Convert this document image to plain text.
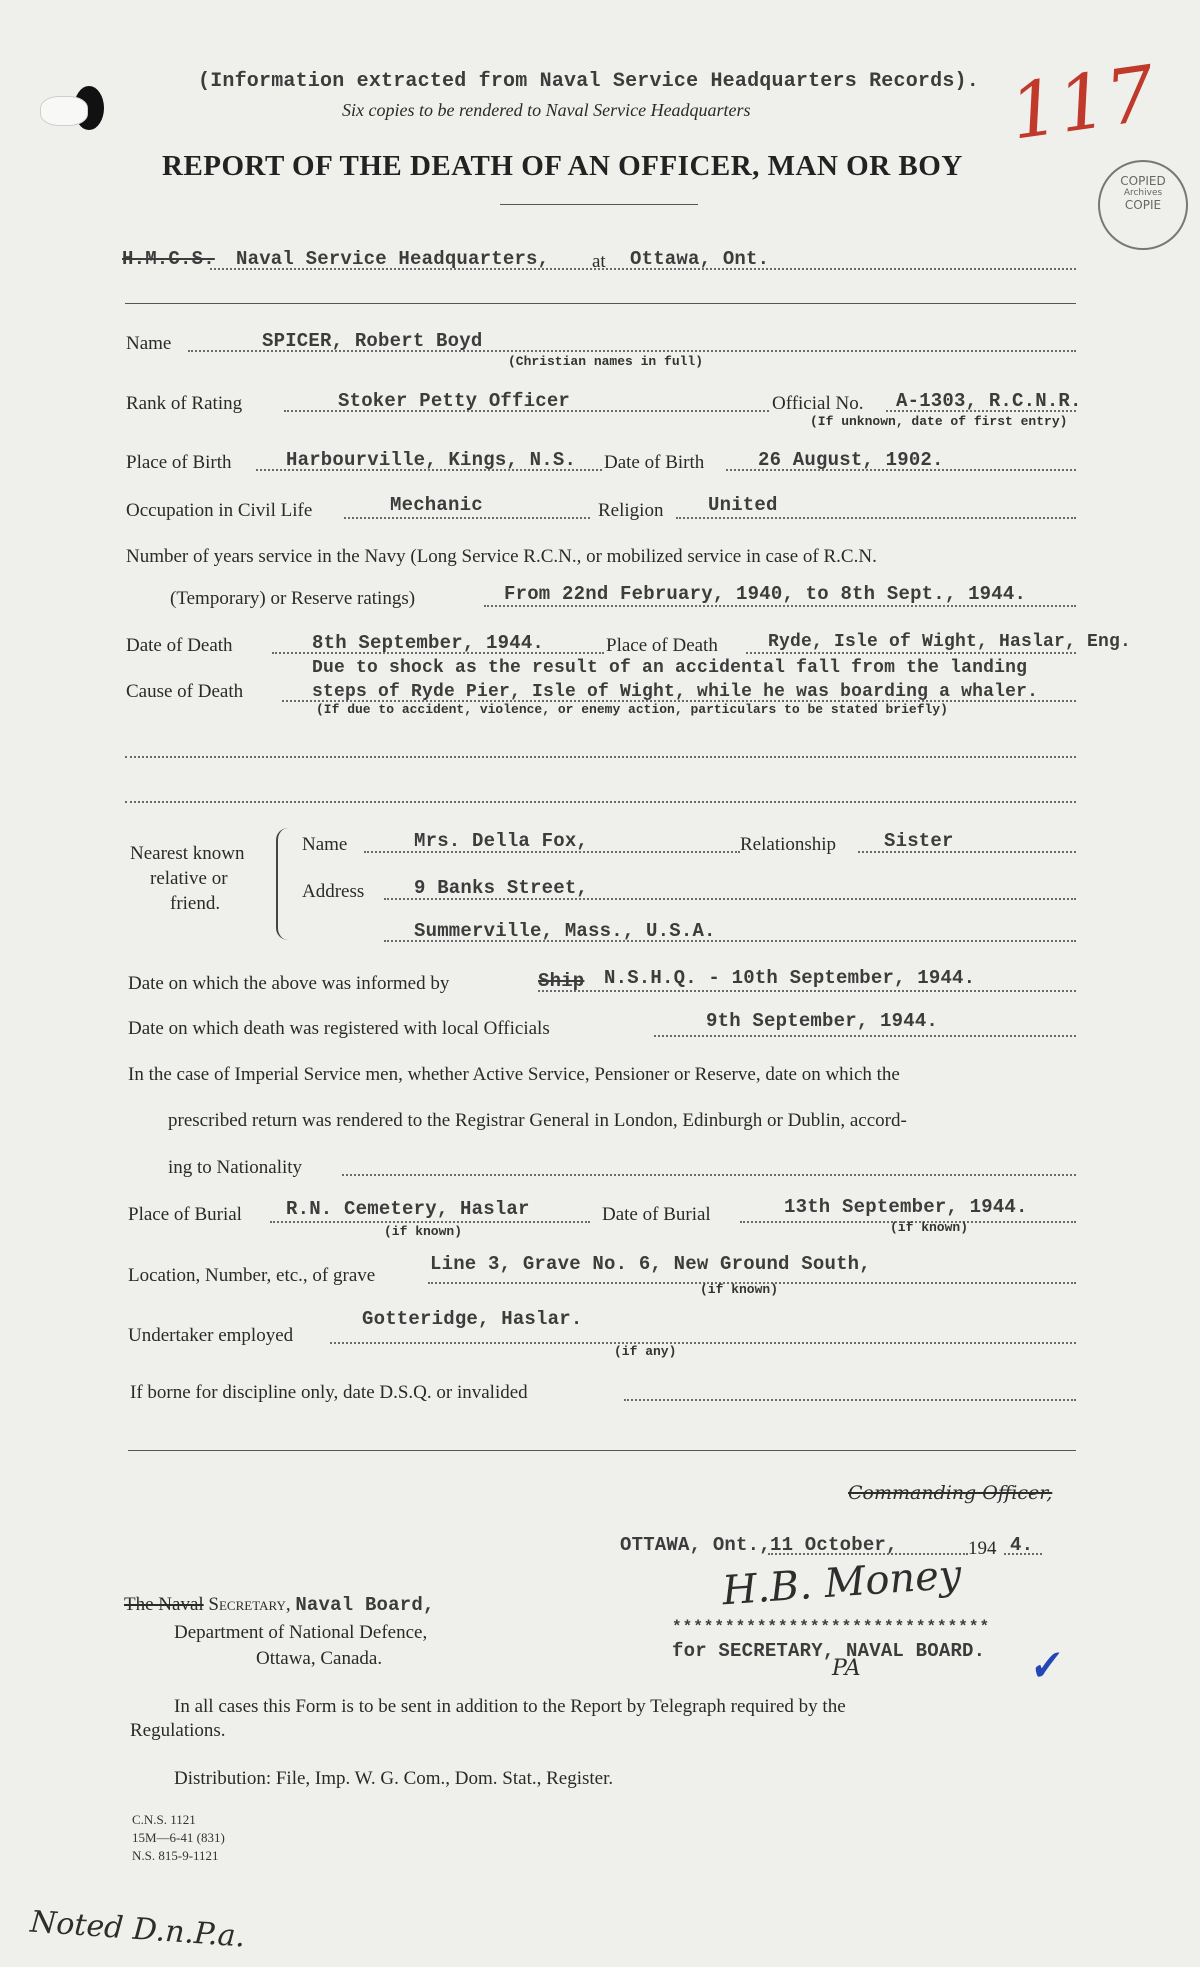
(Information extracted from Naval Service Headquarters Records).
Six copies to be rendered to Naval Service Headquarters
REPORT OF THE DEATH OF AN OFFICER, MAN OR BOY
117
COPIED
Archives
COPIE
H.M.C.S. Naval Service Headquarters, at Ottawa, Ont.
Name	SPICER, Robert Boyd
(Christian names in full)
Rank of Rating	Stoker Petty Officer	Official No. A-1303, R.C.N.R.
(If unknown, date of first entry)
Place of Birth	Harbourville, Kings, N.S. Date of Birth	26 August, 1902.
Occupation in Civil Life	Mechanic	Religion United
Number of years service in the Navy (Long Service R.C.N., or mobilized service in case of R.C.N.
(Temporary) or Reserve ratings)	From 22nd February, 1940, to 8th Sept., 1944.
Date of Death	8th September, 1944.	Place of Death	Ryde, Isle of Wight, Haslar, Eng.
Cause of Death
Due to shock as the result of an accidental fall from the landing
steps of Ryde Pier, Isle of Wight, while he was boarding a whaler.
(If due to accident, violence, or enemy action, particulars to be stated briefly)
Nearest known
relative or
friend.
Name	Mrs. Della Fox,	Relationship	Sister
Address	9 Banks Street,
Summerville, Mass., U.S.A.
Date on which the above was informed by	Ship N.S.H.Q. - 10th September, 1944.
Date on which death was registered with local Officials	9th September, 1944.
In the case of Imperial Service men, whether Active Service, Pensioner or Reserve, date on which the
prescribed return was rendered to the Registrar General in London, Edinburgh or Dublin, accord-
ing to Nationality
Place of Burial R.N. Cemetery, Haslar
(if known)
Date of Burial	13th September, 1944.
(if known)
Location, Number, etc., of grave
Line 3, Grave No. 6, New Ground South,
(if known)
Undertaker employed
Gotteridge, Haslar.
(if any)
If borne for discipline only, date D.S.Q. or invalided
Commanding Officer,
OTTAWA, Ont., 11 October,	194 4.
H.B. Money
******************************
for SECRETARY, NAVAL BOARD.
PA	✔
The Naval Secretary, Naval Board,
Department of National Defence,
Ottawa, Canada.
In all cases this Form is to be sent in addition to the Report by Telegraph required by the
Regulations.
Distribution: File, Imp. W. G. Com., Dom. Stat., Register.
C.N.S. 1121
15M—6-41 (831)
N.S. 815-9-1121
Noted D.n.P.a.
